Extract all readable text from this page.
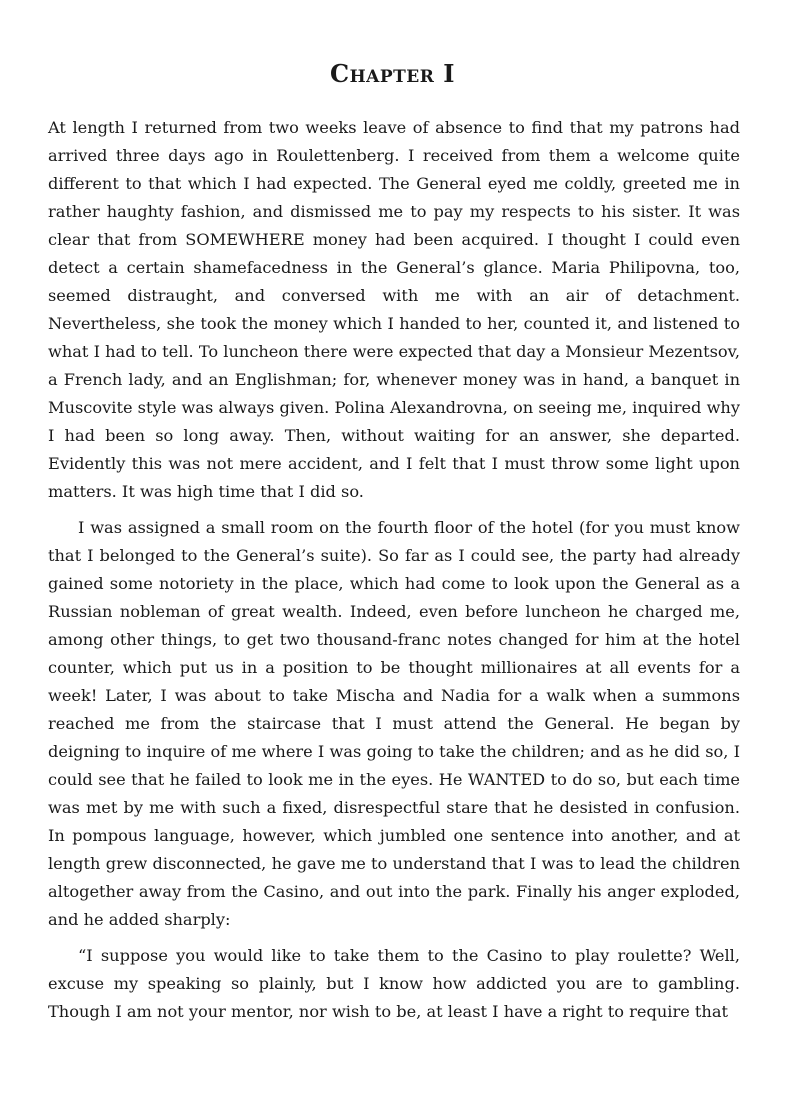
Chapter I

At length I returned from two weeks leave of absence to find that my patrons had arrived three days ago in Roulettenberg. I received from them a welcome quite different to that which I had expected. The General eyed me coldly, greeted me in rather haughty fashion, and dismissed me to pay my respects to his sister. It was clear that from SOMEWHERE money had been acquired. I thought I could even detect a certain shamefacedness in the General’s glance. Maria Philipovna, too, seemed distraught, and conversed with me with an air of detachment. Nevertheless, she took the money which I handed to her, counted it, and listened to what I had to tell. To luncheon there were expected that day a Monsieur Mezentsov, a French lady, and an Englishman; for, whenever money was in hand, a banquet in Muscovite style was always given. Polina Alexandrovna, on seeing me, inquired why I had been so long away. Then, without waiting for an answer, she departed. Evidently this was not mere accident, and I felt that I must throw some light upon matters. It was high time that I did so.

I was assigned a small room on the fourth floor of the hotel (for you must know that I belonged to the General’s suite). So far as I could see, the party had already gained some notoriety in the place, which had come to look upon the General as a Russian nobleman of great wealth. Indeed, even before luncheon he charged me, among other things, to get two thousand-franc notes changed for him at the hotel counter, which put us in a position to be thought millionaires at all events for a week! Later, I was about to take Mischa and Nadia for a walk when a summons reached me from the staircase that I must attend the General. He began by deigning to inquire of me where I was going to take the children; and as he did so, I could see that he failed to look me in the eyes. He WANTED to do so, but each time was met by me with such a fixed, disrespectful stare that he desisted in confusion. In pompous language, however, which jumbled one sentence into another, and at length grew disconnected, he gave me to understand that I was to lead the children altogether away from the Casino, and out into the park. Finally his anger exploded, and he added sharply:

“I suppose you would like to take them to the Casino to play roulette? Well, excuse my speaking so plainly, but I know how addicted you are to gambling. Though I am not your mentor, nor wish to be, at least I have a right to require that
